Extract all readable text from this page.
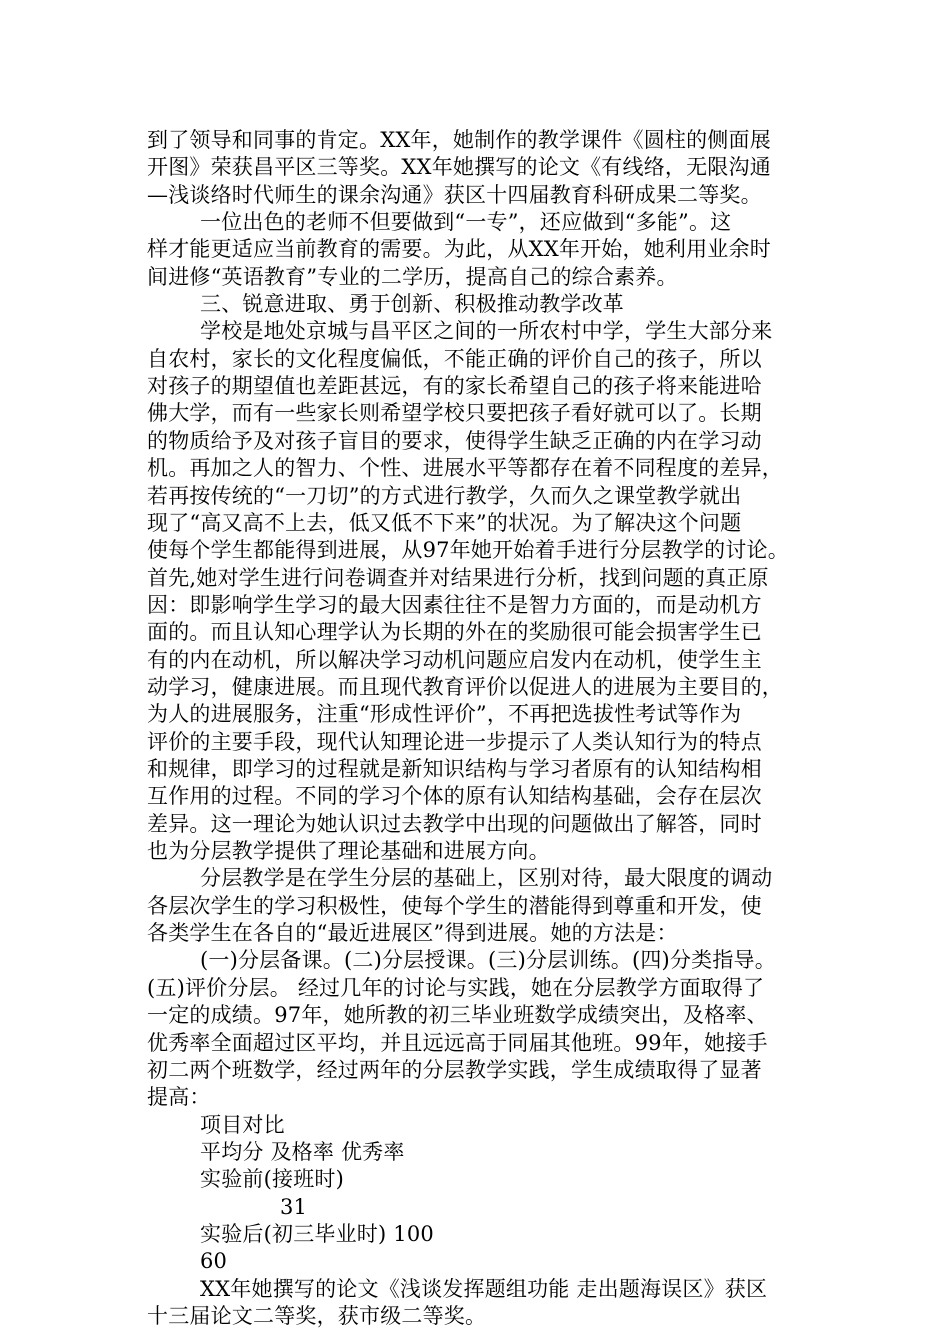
到了领导和同事的肯定。XX年，她制作的教学课件《圆柱的侧面展
开图》荣获昌平区三等奖。XX年她撰写的论文《有线络，无限沟通
—浅谈络时代师生的课余沟通》获区十四届教育科研成果二等奖。
一位出色的老师不但要做到“一专”，还应做到“多能”。这
样才能更适应当前教育的需要。为此，从XX年开始，她利用业余时
间进修“英语教育”专业的二学历，提高自己的综合素养。
三、锐意进取、勇于创新、积极推动教学改革
学校是地处京城与昌平区之间的一所农村中学，学生大部分来
自农村，家长的文化程度偏低，不能正确的评价自己的孩子，所以
对孩子的期望值也差距甚远，有的家长希望自己的孩子将来能进哈
佛大学，而有一些家长则希望学校只要把孩子看好就可以了。长期
的物质给予及对孩子盲目的要求，使得学生缺乏正确的内在学习动
机。再加之人的智力、个性、进展水平等都存在着不同程度的差异，
若再按传统的“一刀切”的方式进行教学，久而久之课堂教学就出
现了“高又高不上去，低又低不下来”的状况。为了解决这个问题
使每个学生都能得到进展，从97年她开始着手进行分层教学的讨论。
首先,她对学生进行问卷调查并对结果进行分析，找到问题的真正原
因：即影响学生学习的最大因素往往不是智力方面的，而是动机方
面的。而且认知心理学认为长期的外在的奖励很可能会损害学生已
有的内在动机，所以解决学习动机问题应启发内在动机，使学生主
动学习，健康进展。而且现代教育评价以促进人的进展为主要目的，
为人的进展服务，注重“形成性评价”，不再把选拔性考试等作为
评价的主要手段，现代认知理论进一步提示了人类认知行为的特点
和规律，即学习的过程就是新知识结构与学习者原有的认知结构相
互作用的过程。不同的学习个体的原有认知结构基础，会存在层次
差异。这一理论为她认识过去教学中出现的问题做出了解答，同时
也为分层教学提供了理论基础和进展方向。
分层教学是在学生分层的基础上，区别对待，最大限度的调动
各层次学生的学习积极性，使每个学生的潜能得到尊重和开发，使
各类学生在各自的“最近进展区”得到进展。她的方法是：
(一)分层备课。(二)分层授课。(三)分层训练。(四)分类指导。
(五)评价分层。 经过几年的讨论与实践，她在分层教学方面取得了
一定的成绩。97年，她所教的初三毕业班数学成绩突出，及格率、
优秀率全面超过区平均，并且远远高于同届其他班。99年，她接手
初二两个班数学，经过两年的分层教学实践，学生成绩取得了显著
提高：
项目对比
平均分 及格率 优秀率
实验前(接班时)
31
实验后(初三毕业时) 100
60
XX年她撰写的论文《浅谈发挥题组功能 走出题海误区》获区
十三届论文二等奖，获市级二等奖。
